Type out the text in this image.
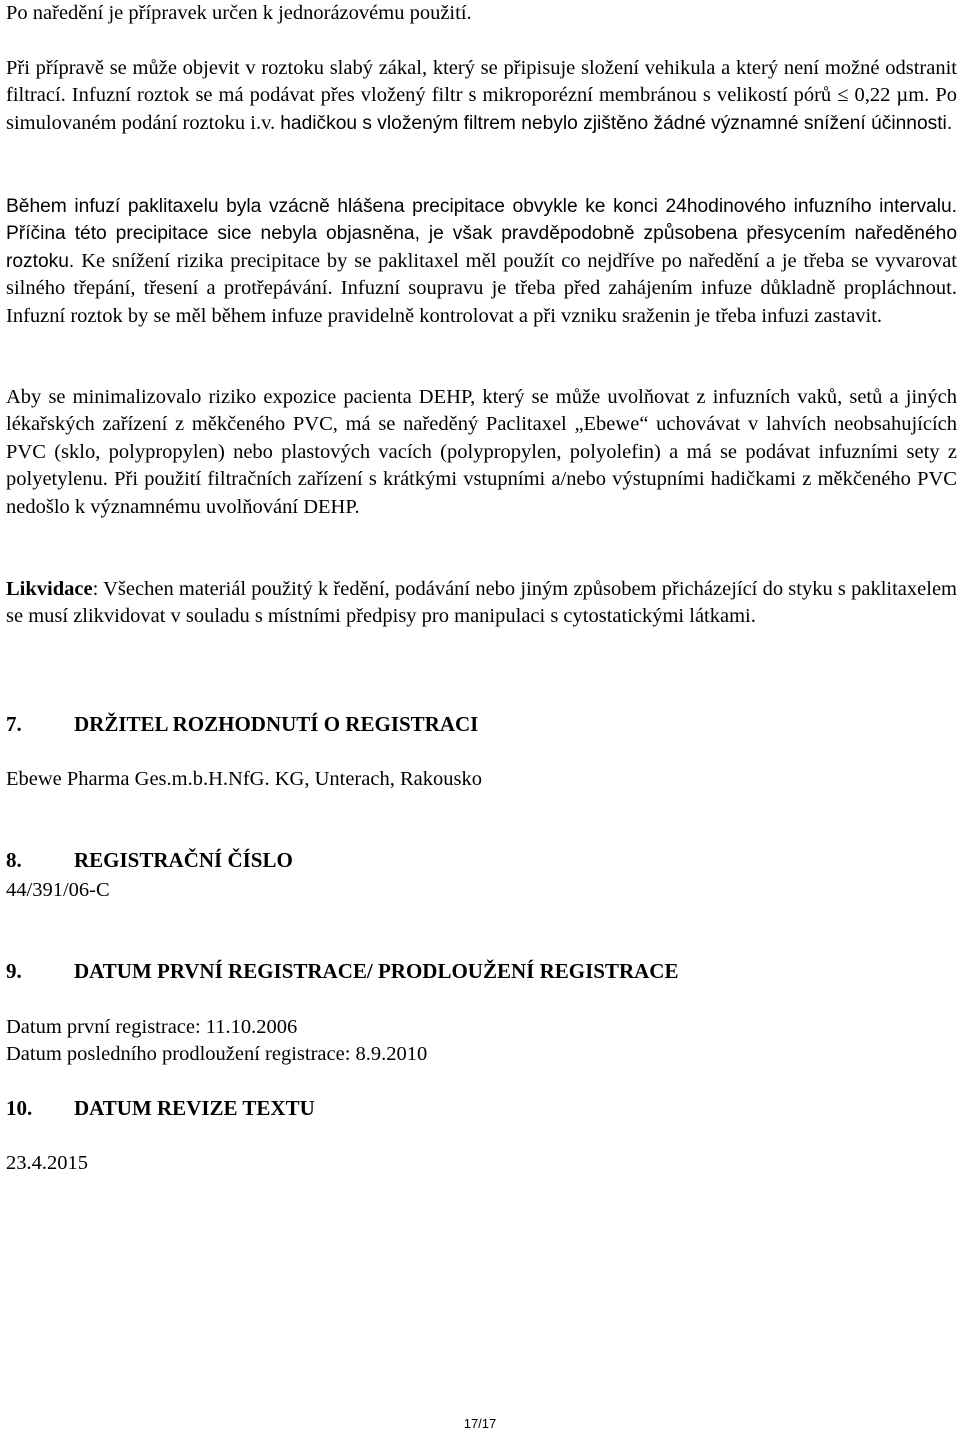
Po naředění je přípravek určen k jednorázovému použití.

Při přípravě se může objevit v roztoku slabý zákal, který se připisuje složení vehikula a který není možné odstranit filtrací. Infuzní roztok se má podávat přes vložený filtr s mikroporézní membránou s velikostí pórů ≤ 0,22 µm. Po simulovaném podání roztoku i.v. hadičkou s vloženým filtrem nebylo zjištěno žádné významné snížení účinnosti.

Během infuzí paklitaxelu byla vzácně hlášena precipitace obvykle ke konci 24hodinového infuzního intervalu. Příčina této precipitace sice nebyla objasněna, je však pravděpodobně způsobena přesycením naředěného roztoku. Ke snížení rizika precipitace by se paklitaxel měl použít co nejdříve po naředění a je třeba se vyvarovat silného třepání, třesení a protřepávání. Infuzní soupravu je třeba před zahájením infuze důkladně propláchnout. Infuzní roztok by se měl během infuze pravidelně kontrolovat a při vzniku sraženin je třeba infuzi zastavit.

Aby se minimalizovalo riziko expozice pacienta DEHP, který se může uvolňovat z infuzních vaků, setů a jiných lékařských zařízení z měkčeného PVC, má se naředěný Paclitaxel „Ebewe“ uchovávat v lahvích neobsahujících PVC (sklo, polypropylen) nebo plastových vacích (polypropylen, polyolefin) a má se podávat infuzními sety z polyetylenu. Při použití filtračních zařízení s krátkými vstupními a/nebo výstupními hadičkami z měkčeného PVC nedošlo k významnému uvolňování DEHP.

Likvidace: Všechen materiál použitý k ředění, podávání nebo jiným způsobem přicházející do styku s paklitaxelem se musí zlikvidovat v souladu s místními předpisy pro manipulaci s cytostatickými látkami.

7. DRŽITEL ROZHODNUTÍ O REGISTRACI
Ebewe Pharma Ges.m.b.H.NfG. KG, Unterach, Rakousko
8. REGISTRAČNÍ ČÍSLO
44/391/06-C
9. DATUM PRVNÍ REGISTRACE/ PRODLOUŽENÍ REGISTRACE
Datum první registrace: 11.10.2006
Datum posledního prodloužení registrace: 8.9.2010
10. DATUM REVIZE TEXTU
23.4.2015
17/17
